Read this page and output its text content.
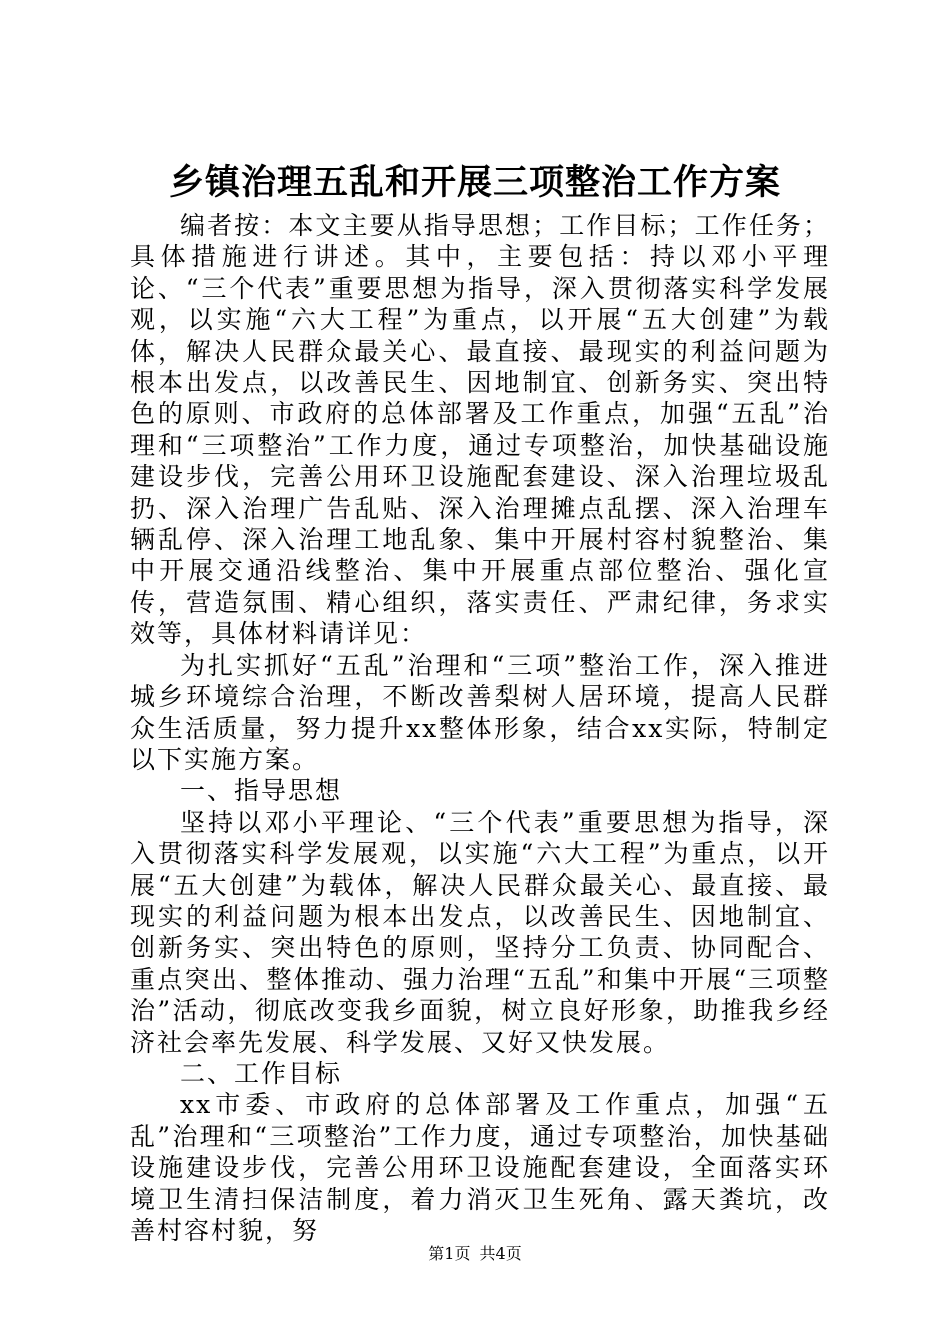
乡镇治理五乱和开展三项整治工作方案

编者按：本文主要从指导思想；工作目标；工作任务；具体措施进行讲述。其中，主要包括：持以邓小平理论、“三个代表”重要思想为指导，深入贯彻落实科学发展观，以实施“六大工程”为重点，以开展“五大创建”为载体，解决人民群众最关心、最直接、最现实的利益问题为根本出发点，以改善民生、因地制宜、创新务实、突出特色的原则、市政府的总体部署及工作重点，加强“五乱”治理和“三项整治”工作力度，通过专项整治，加快基础设施建设步伐，完善公用环卫设施配套建设、深入治理垃圾乱扔、深入治理广告乱贴、深入治理摊点乱摆、深入治理车辆乱停、深入治理工地乱象、集中开展村容村貌整治、集中开展交通沿线整治、集中开展重点部位整治、强化宣传，营造氛围、精心组织，落实责任、严肃纪律，务求实效等，具体材料请详见：

为扎实抓好“五乱”治理和“三项”整治工作，深入推进城乡环境综合治理，不断改善梨树人居环境，提高人民群众生活质量，努力提升xx整体形象，结合xx实际，特制定以下实施方案。

一、指导思想

坚持以邓小平理论、“三个代表”重要思想为指导，深入贯彻落实科学发展观，以实施“六大工程”为重点，以开展“五大创建”为载体，解决人民群众最关心、最直接、最现实的利益问题为根本出发点，以改善民生、因地制宜、创新务实、突出特色的原则，坚持分工负责、协同配合、重点突出、整体推动、强力治理“五乱”和集中开展“三项整治”活动，彻底改变我乡面貌，树立良好形象，助推我乡经济社会率先发展、科学发展、又好又快发展。

二、工作目标

xx市委、市政府的总体部署及工作重点，加强“五乱”治理和“三项整治”工作力度，通过专项整治，加快基础设施建设步伐，完善公用环卫设施配套建设，全面落实环境卫生清扫保洁制度，着力消灭卫生死角、露天粪坑，改善村容村貌，努

第1页 共4页
